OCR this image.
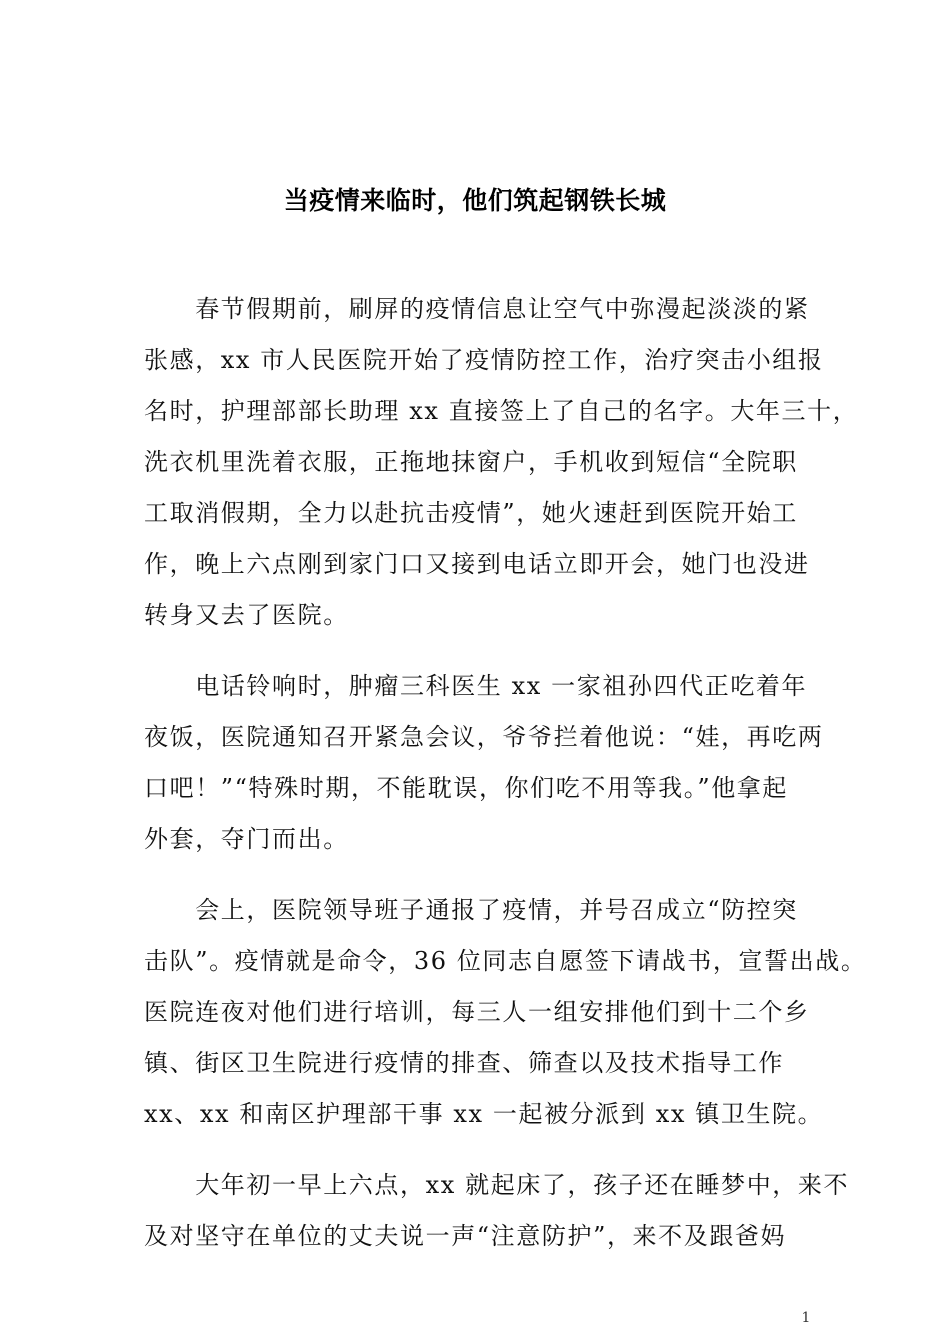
当疫情来临时，他们筑起钢铁长城

　　春节假期前，刷屏的疫情信息让空气中弥漫起淡淡的紧
张感，xx 市人民医院开始了疫情防控工作，治疗突击小组报
名时，护理部部长助理 xx 直接签上了自己的名字。大年三十，
洗衣机里洗着衣服，正拖地抹窗户，手机收到短信“全院职
工取消假期，全力以赴抗击疫情”，她火速赶到医院开始工
作，晚上六点刚到家门口又接到电话立即开会，她门也没进
转身又去了医院。

　　电话铃响时，肿瘤三科医生 xx 一家祖孙四代正吃着年
夜饭，医院通知召开紧急会议，爷爷拦着他说：“娃，再吃两
口吧！”“特殊时期，不能耽误，你们吃不用等我。”他拿起
外套，夺门而出。

　　会上，医院领导班子通报了疫情，并号召成立“防控突
击队”。疫情就是命令，36 位同志自愿签下请战书，宣誓出战。
医院连夜对他们进行培训，每三人一组安排他们到十二个乡
镇、街区卫生院进行疫情的排查、筛查以及技术指导工作
xx、xx 和南区护理部干事 xx 一起被分派到 xx 镇卫生院。

　　大年初一早上六点，xx 就起床了，孩子还在睡梦中，来不
及对坚守在单位的丈夫说一声“注意防护”，来不及跟爸妈

1
